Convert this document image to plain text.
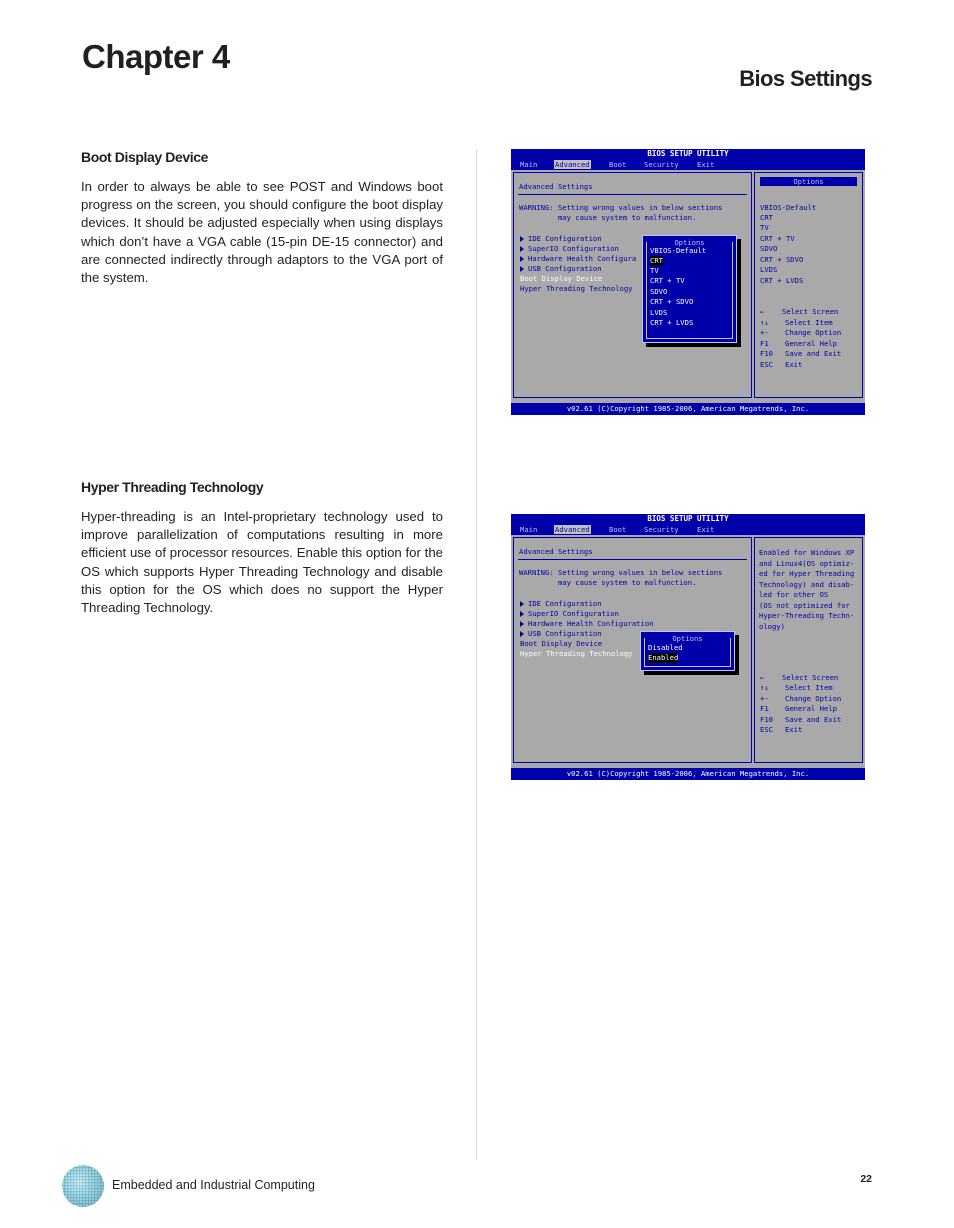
Chapter 4
Bios Settings
Boot Display Device

In order to always be able to see POST and Windows boot progress on the screen, you should configure the boot display devices. It should be adjusted especially when using displays which don’t have a VGA cable (15-pin DE-15 connector) and are connected indirectly through adaptors to the VGA port of the system.

Hyper Threading Technology

Hyper-threading is an Intel-proprietary technology used to improve parallelization of computations resulting in more efficient use of processor resources. Enable this option for the OS which supports Hyper Threading Technology and disable this option for the OS which does no support the Hyper Threading Technology.

BIOS SETUP UTILITY
Main Advanced	Boot Security	Exit
Advanced Settings
WARNING: Setting wrong values in below sections
may cause system to malfunction.
IDE Configuration
SuperIO Configuration
Hardware Health Configura
USB Configuration
Boot Display Device
Hyper Threading Technology
Options
VBIOS-Default
CRT
TV
CRT + TV
SDVO
CRT + SDVO
LVDS
CRT + LVDS
Options
VBIOS-Default
CRT
TV
CRT + TV
SDVO
CRT + SDVO
LVDS
CRT + LVDS
← Select Screen
↑↓ Select Item
+- Change Option
F1 General Help
F10 Save and Exit
ESC Exit
v02.61 (C)Copyright 1985-2006, American Megatrends, Inc.
BIOS SETUP UTILITY
Main Advanced	Boot Security	Exit
Advanced Settings
WARNING: Setting wrong values in below sections
may cause system to malfunction.
IDE Configuration
SuperIO Configuration
Hardware Health Configuration
USB Configuration
Boot Display Device
Hyper Threading Technology
Options
Disabled
Enabled
Enabled for Windows XP
and Linux4(OS optimiz-
ed for Hyper Threading
Technology) and disab-
led for other OS
(OS not optimized for
Hyper-Threading Techn-
ology)
← Select Screen
↑↓ Select Item
+- Change Option
F1 General Help
F10 Save and Exit
ESC Exit
v02.61 (C)Copyright 1985-2006, American Megatrends, Inc.

Embedded and Industrial Computing	22
